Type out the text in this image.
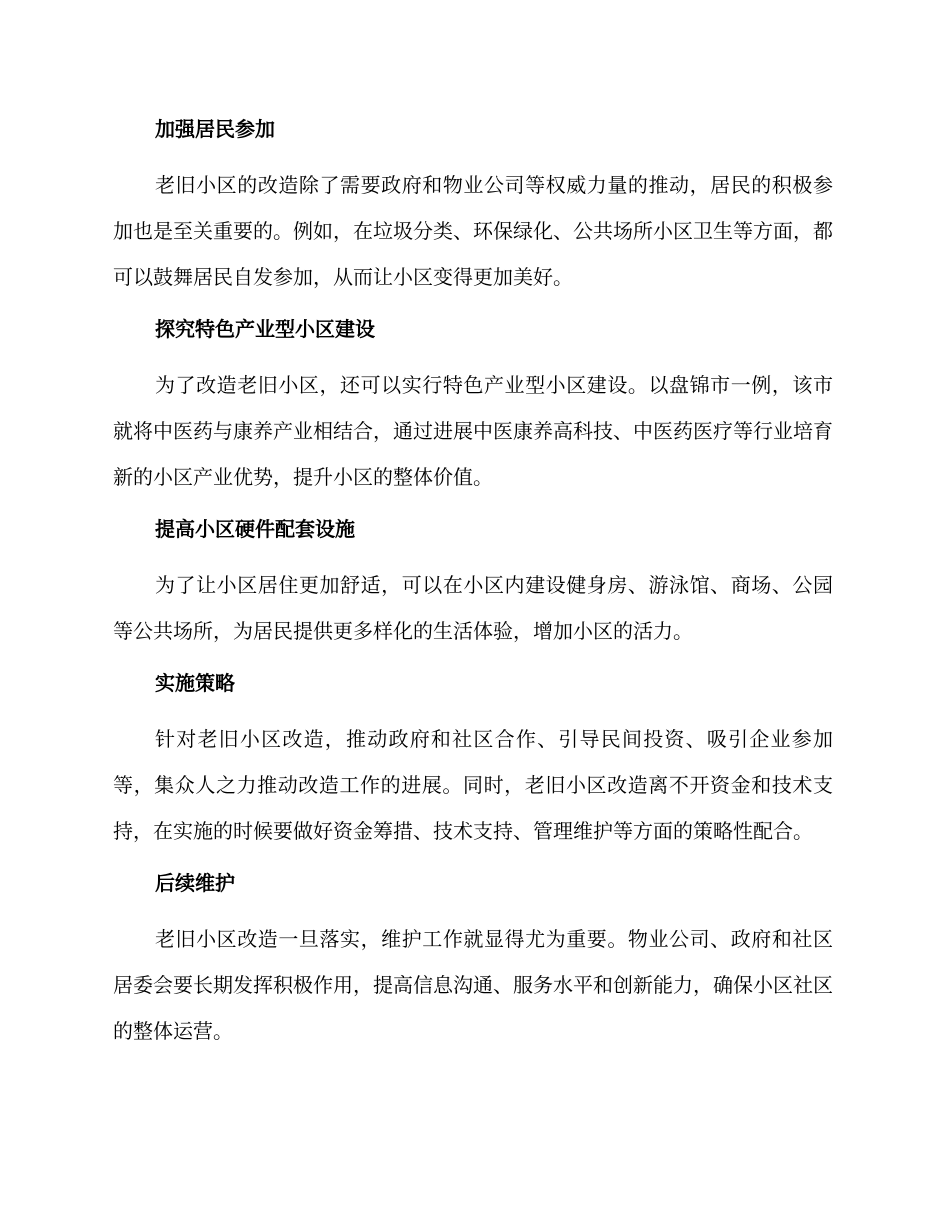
加强居民参加
老旧小区的改造除了需要政府和物业公司等权威力量的推动，居民的积极参加也是至关重要的。例如，在垃圾分类、环保绿化、公共场所小区卫生等方面，都可以鼓舞居民自发参加，从而让小区变得更加美好。
探究特色产业型小区建设
为了改造老旧小区，还可以实行特色产业型小区建设。以盘锦市一例，该市就将中医药与康养产业相结合，通过进展中医康养高科技、中医药医疗等行业培育新的小区产业优势，提升小区的整体价值。
提高小区硬件配套设施
为了让小区居住更加舒适，可以在小区内建设健身房、游泳馆、商场、公园等公共场所，为居民提供更多样化的生活体验，增加小区的活力。
实施策略
针对老旧小区改造，推动政府和社区合作、引导民间投资、吸引企业参加等，集众人之力推动改造工作的进展。同时，老旧小区改造离不开资金和技术支持，在实施的时候要做好资金筹措、技术支持、管理维护等方面的策略性配合。
后续维护
老旧小区改造一旦落实，维护工作就显得尤为重要。物业公司、政府和社区居委会要长期发挥积极作用，提高信息沟通、服务水平和创新能力，确保小区社区的整体运营。
